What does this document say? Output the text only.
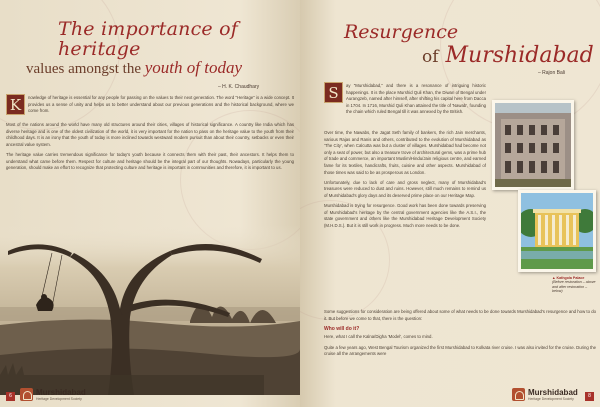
The importance of heritage
values amongst the youth of today
– H. K. Chaudhary
K	nowledge of heritage is essential for any people for passing on the values to their next generation. The word "Heritage" is a wide concept. It provides us a sense of unity and helps us to better understand about our previous generations and the historical background, where we come from.

Most of the nations around the world have many old structures around their cities, villages of historical significance. A country like India which has diverse heritage and is one of the oldest civilization of the world, it is very important for the nation to pass on the heritage value to the youth from their childhood days. It is an irony that the youth of today is more inclined towards westward modern pursuit than about their country, setbacks or even their ancestral value system.

The heritage value carries tremendous significance for today's youth because it connects them with their past, their ancestors. It helps them to understand what came before them. Respect for culture and heritage should be the integral part of our thoughts. Nowadays, particularly the young generation, should make an effort to recognize that protecting culture and heritage is important in communities and therefore, it is important to us.

6	Murshidabad
Heritage Development Society
Resurgence
of Murshidabad
– Rajon Bali
S	ay "Murshidabad," and there is a resonance of intriguing historic happenings. It is the place Murshid Quli Khan, the Diwan of Bengal under Aurangzeb, named after himself, after shifting his capital here from Dacca in 1704. In 1716, Murshid Quli Khan attained the title of 'Nawab', founding the chain which ruled Bengal till it was annexed by the British.

Over time, the Nawabs, the Jagat Seth family of bankers, the rich Jain merchants, various Rajas and Ranis and others, contributed to the evolution of Murshidabad as 'The City', when Calcutta was but a cluster of villages. Murshidabad had become not only a seat of power, but also a treasure trove of architectural gems, was a prime hub of trade and commerce, an important Muslim/Hindu/Jain religious centre, and earned fame for its textiles, handicrafts, fruits, cuisine and other aspects. Murshidabad of those times was said to be as prosperous as London.

Unfortunately, due to lack of care and gross neglect, many of Murshidabad's treasures were reduced to dust and ruins. However, still much remains to remind us of Murshidabad's glory days and its deserved prime place on our Heritage Map.

Murshidabad is trying for resurgence. Good work has been done towards preserving of Murshidabad's heritage by the central government agencies like the A.S.I., the state government and others like the Murshidabad Heritage Development Society (M.H.D.S.). But it is still work in progress. Much more needs to be done.

Some suggestions for consideration are being offered about some of what needs to be done towards Murshidabad's resurgence and how to do it. But before we come to that, there is the question:

Who will do it?

Here, what I call the Kalna/Digha 'Model', comes to mind.

Quite a few years ago, West Bengal Tourism organized the first Murshidabad to Kolkata river cruise. I was also invited for the cruise. During the cruise all the arrangements were

▲ Kathgola Palace
(Before restoration – above and after restoration – below)
Murshidabad
Heritage Development Society	8
